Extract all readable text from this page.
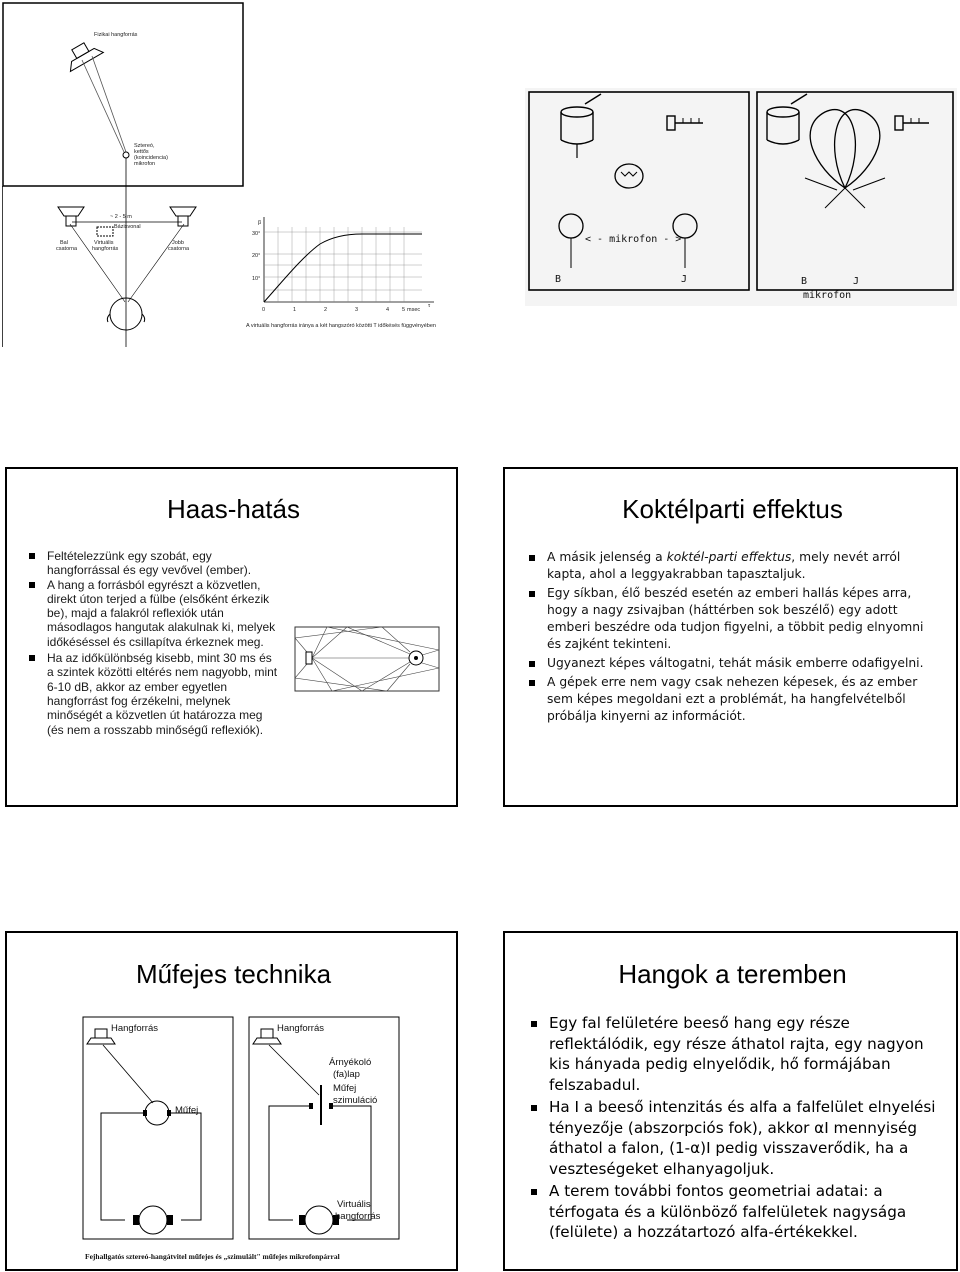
Fizikai hangforrás
Sztereó,
kettős
(koincidencia)
mikrofon
~ 2 - 5 m
Bázisvonal
Bal
csatorna
Virtuális
hangforrás
Jobb
csatorna
β
30°
20°
10°
0	1	2	3	4 5 msec
τ
A virtuális hangforrás iránya a két hangszóró közötti T időkésés függvényében
< - mikrofon - >
B	J	B	J
mikrofon
Haas-hatás
Feltételezzünk egy szobát, egy hangforrással és egy vevővel (ember).
A hang a forrásból egyrészt a közvetlen, direkt úton terjed a fülbe (elsőként érkezik be), majd a falakról reflexiók után másodlagos hangutak alakulnak ki, melyek időkéséssel és csillapítva érkeznek meg.
Ha az időkülönbség kisebb, mint 30 ms és a szintek közötti eltérés nem nagyobb, mint 6-10 dB, akkor az ember egyetlen hangforrást fog érzékelni, melynek minőségét a közvetlen út határozza meg (és nem a rosszabb minőségű reflexiók).
Koktélparti effektus
A másik jelenség a koktél-parti effektus, mely nevét arról kapta, ahol a leggyakrabban tapasztaljuk.
Egy síkban, élő beszéd esetén az emberi hallás képes arra, hogy a nagy zsivajban (háttérben sok beszélő) egy adott emberi beszédre oda tudjon figyelni, a többit pedig elnyomni és zajként tekinteni.
Ugyanezt képes váltogatni, tehát másik emberre odafigyelni.
A gépek erre nem vagy csak nehezen képesek, és az ember sem képes megoldani ezt a problémát, ha hangfelvételből próbálja kinyerni az információt.
Műfejes technika
Hangforrás
Műfej
Fejhallgatós sztereó-hangátvitel műfejes és „szimulált" műfejes mikrofonpárral
Hangforrás
Árnyékoló
(fa)lap
Műfej
szimuláció
Virtuális
hangforrás
Hangok a teremben
Egy fal felületére beeső hang egy része reflektálódik, egy része áthatol rajta, egy nagyon kis hányada pedig elnyelődik, hő formájában felszabadul.
Ha I a beeső intenzitás és alfa a falfelület elnyelési tényezője (abszorpciós fok), akkor αI mennyiség áthatol a falon, (1-α)I pedig visszaverődik, ha a veszteségeket elhanyagoljuk.
A terem további fontos geometriai adatai: a térfogata és a különböző falfelületek nagysága (felülete) a hozzátartozó alfa-értékekkel.
